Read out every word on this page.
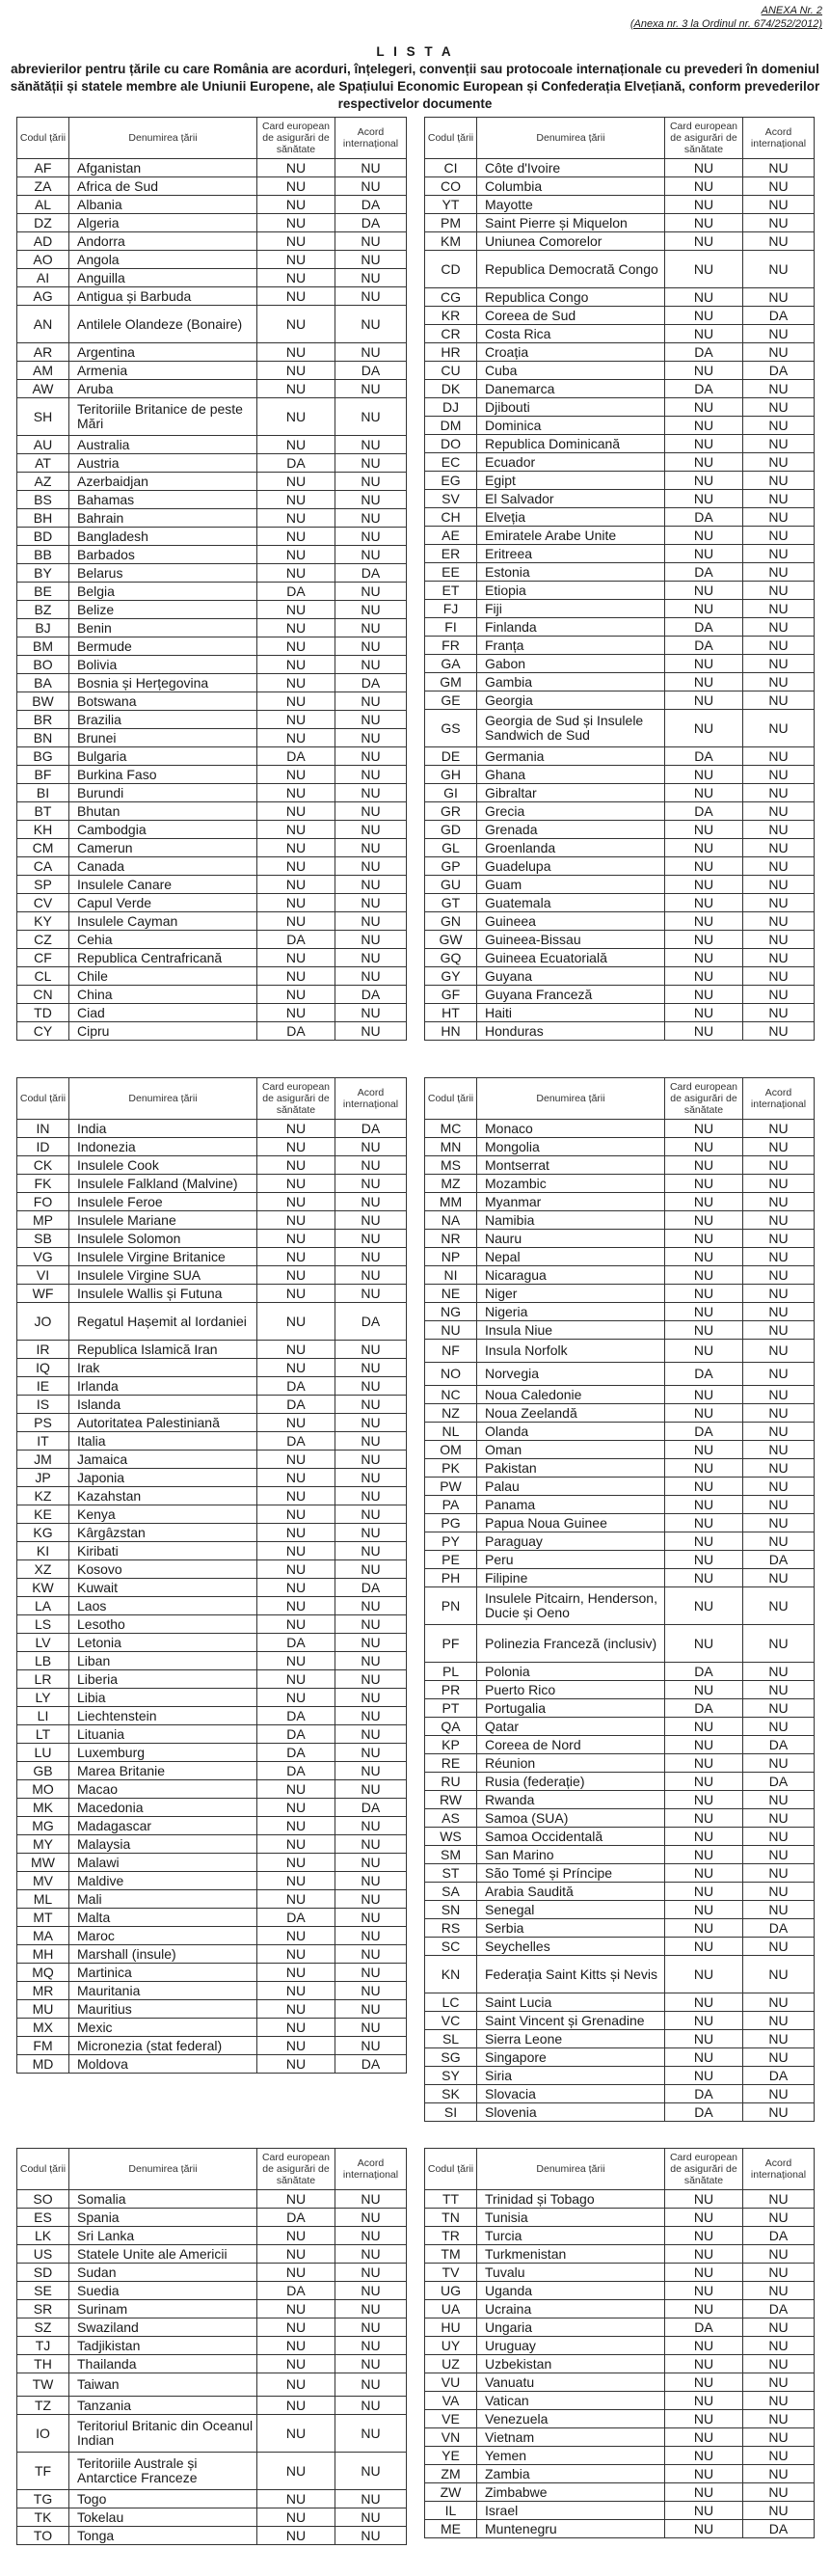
ANEXA Nr. 2
(Anexa nr. 3 la Ordinul nr. 674/252/2012)
L I S T A
abrevierilor pentru țările cu care România are acorduri, înțelegeri, convenții sau protocoale internaționale cu prevederi în domeniul sănătății și statele membre ale Uniunii Europene, ale Spațiului Economic European și Confederația Elvețiană, conform prevederilor respectivelor documente
Codul țării	Denumirea țării	Card european de asigurări de sănătate	Acord internațional
AF	Afganistan	NU	NU
ZA	Africa de Sud	NU	NU
AL	Albania	NU	DA
DZ	Algeria	NU	DA
AD	Andorra	NU	NU
AO	Angola	NU	NU
AI	Anguilla	NU	NU
AG	Antigua și Barbuda	NU	NU
AN	Antilele Olandeze (Bonaire)	NU	NU
AR	Argentina	NU	NU
AM	Armenia	NU	DA
AW	Aruba	NU	NU
SH	Teritoriile Britanice de peste Mări	NU	NU
AU	Australia	NU	NU
AT	Austria	DA	NU
AZ	Azerbaidjan	NU	NU
BS	Bahamas	NU	NU
BH	Bahrain	NU	NU
BD	Bangladesh	NU	NU
BB	Barbados	NU	NU
BY	Belarus	NU	DA
BE	Belgia	DA	NU
BZ	Belize	NU	NU
BJ	Benin	NU	NU
BM	Bermude	NU	NU
BO	Bolivia	NU	NU
BA	Bosnia și Herțegovina	NU	DA
BW	Botswana	NU	NU
BR	Brazilia	NU	NU
BN	Brunei	NU	NU
BG	Bulgaria	DA	NU
BF	Burkina Faso	NU	NU
BI	Burundi	NU	NU
BT	Bhutan	NU	NU
KH	Cambodgia	NU	NU
CM	Camerun	NU	NU
CA	Canada	NU	NU
SP	Insulele Canare	NU	NU
CV	Capul Verde	NU	NU
KY	Insulele Cayman	NU	NU
CZ	Cehia	DA	NU
CF	Republica Centrafricană	NU	NU
CL	Chile	NU	NU
CN	China	NU	DA
TD	Ciad	NU	NU
CY	Cipru	DA	NU
Codul țării	Denumirea țării	Card european de asigurări de sănătate	Acord internațional
CI	Côte d'Ivoire	NU	NU
CO	Columbia	NU	NU
YT	Mayotte	NU	NU
PM	Saint Pierre și Miquelon	NU	NU
KM	Uniunea Comorelor	NU	NU
CD	Republica Democrată Congo	NU	NU
CG	Republica Congo	NU	NU
KR	Coreea de Sud	NU	DA
CR	Costa Rica	NU	NU
HR	Croația	DA	NU
CU	Cuba	NU	DA
DK	Danemarca	DA	NU
DJ	Djibouti	NU	NU
DM	Dominica	NU	NU
DO	Republica Dominicană	NU	NU
EC	Ecuador	NU	NU
EG	Egipt	NU	NU
SV	El Salvador	NU	NU
CH	Elveția	DA	NU
AE	Emiratele Arabe Unite	NU	NU
ER	Eritreea	NU	NU
EE	Estonia	DA	NU
ET	Etiopia	NU	NU
FJ	Fiji	NU	NU
FI	Finlanda	DA	NU
FR	Franța	DA	NU
GA	Gabon	NU	NU
GM	Gambia	NU	NU
GE	Georgia	NU	NU
GS	Georgia de Sud și Insulele Sandwich de Sud	NU	NU
DE	Germania	DA	NU
GH	Ghana	NU	NU
GI	Gibraltar	NU	NU
GR	Grecia	DA	NU
GD	Grenada	NU	NU
GL	Groenlanda	NU	NU
GP	Guadelupa	NU	NU
GU	Guam	NU	NU
GT	Guatemala	NU	NU
GN	Guineea	NU	NU
GW	Guineea-Bissau	NU	NU
GQ	Guineea Ecuatorială	NU	NU
GY	Guyana	NU	NU
GF	Guyana Franceză	NU	NU
HT	Haiti	NU	NU
HN	Honduras	NU	NU
Codul țării	Denumirea țării	Card european de asigurări de sănătate	Acord internațional
IN	India	NU	DA
ID	Indonezia	NU	NU
CK	Insulele Cook	NU	NU
FK	Insulele Falkland (Malvine)	NU	NU
FO	Insulele Feroe	NU	NU
MP	Insulele Mariane	NU	NU
SB	Insulele Solomon	NU	NU
VG	Insulele Virgine Britanice	NU	NU
VI	Insulele Virgine SUA	NU	NU
WF	Insulele Wallis și Futuna	NU	NU
JO	Regatul Hașemit al Iordaniei	NU	DA
IR	Republica Islamică Iran	NU	NU
IQ	Irak	NU	NU
IE	Irlanda	DA	NU
IS	Islanda	DA	NU
PS	Autoritatea Palestiniană	NU	NU
IT	Italia	DA	NU
JM	Jamaica	NU	NU
JP	Japonia	NU	NU
KZ	Kazahstan	NU	NU
KE	Kenya	NU	NU
KG	Kârgâzstan	NU	NU
KI	Kiribati	NU	NU
XZ	Kosovo	NU	NU
KW	Kuwait	NU	DA
LA	Laos	NU	NU
LS	Lesotho	NU	NU
LV	Letonia	DA	NU
LB	Liban	NU	NU
LR	Liberia	NU	NU
LY	Libia	NU	NU
LI	Liechtenstein	DA	NU
LT	Lituania	DA	NU
LU	Luxemburg	DA	NU
GB	Marea Britanie	DA	NU
MO	Macao	NU	NU
MK	Macedonia	NU	DA
MG	Madagascar	NU	NU
MY	Malaysia	NU	NU
MW	Malawi	NU	NU
MV	Maldive	NU	NU
ML	Mali	NU	NU
MT	Malta	DA	NU
MA	Maroc	NU	NU
MH	Marshall (insule)	NU	NU
MQ	Martinica	NU	NU
MR	Mauritania	NU	NU
MU	Mauritius	NU	NU
MX	Mexic	NU	NU
FM	Micronezia (stat federal)	NU	NU
MD	Moldova	NU	DA
Codul țării	Denumirea țării	Card european de asigurări de sănătate	Acord internațional
MC	Monaco	NU	NU
MN	Mongolia	NU	NU
MS	Montserrat	NU	NU
MZ	Mozambic	NU	NU
MM	Myanmar	NU	NU
NA	Namibia	NU	NU
NR	Nauru	NU	NU
NP	Nepal	NU	NU
NI	Nicaragua	NU	NU
NE	Niger	NU	NU
NG	Nigeria	NU	NU
NU	Insula Niue	NU	NU
NF	Insula Norfolk	NU	NU
NO	Norvegia	DA	NU
NC	Noua Caledonie	NU	NU
NZ	Noua Zeelandă	NU	NU
NL	Olanda	DA	NU
OM	Oman	NU	NU
PK	Pakistan	NU	NU
PW	Palau	NU	NU
PA	Panama	NU	NU
PG	Papua Noua Guinee	NU	NU
PY	Paraguay	NU	NU
PE	Peru	NU	DA
PH	Filipine	NU	NU
PN	Insulele Pitcairn, Henderson, Ducie și Oeno	NU	NU
PF	Polinezia Franceză (inclusiv)	NU	NU
PL	Polonia	DA	NU
PR	Puerto Rico	NU	NU
PT	Portugalia	DA	NU
QA	Qatar	NU	NU
KP	Coreea de Nord	NU	DA
RE	Réunion	NU	NU
RU	Rusia (federație)	NU	DA
RW	Rwanda	NU	NU
AS	Samoa (SUA)	NU	NU
WS	Samoa Occidentală	NU	NU
SM	San Marino	NU	NU
ST	São Tomé și Príncipe	NU	NU
SA	Arabia Saudită	NU	NU
SN	Senegal	NU	NU
RS	Serbia	NU	DA
SC	Seychelles	NU	NU
KN	Federația Saint Kitts și Nevis	NU	NU
LC	Saint Lucia	NU	NU
VC	Saint Vincent și Grenadine	NU	NU
SL	Sierra Leone	NU	NU
SG	Singapore	NU	NU
SY	Siria	NU	DA
SK	Slovacia	DA	NU
SI	Slovenia	DA	NU
Codul țării	Denumirea țării	Card european de asigurări de sănătate	Acord internațional
SO	Somalia	NU	NU
ES	Spania	DA	NU
LK	Sri Lanka	NU	NU
US	Statele Unite ale Americii	NU	NU
SD	Sudan	NU	NU
SE	Suedia	DA	NU
SR	Surinam	NU	NU
SZ	Swaziland	NU	NU
TJ	Tadjikistan	NU	NU
TH	Thailanda	NU	NU
TW	Taiwan	NU	NU
TZ	Tanzania	NU	NU
IO	Teritoriul Britanic din Oceanul Indian	NU	NU
TF	Teritoriile Australe și Antarctice Franceze	NU	NU
TG	Togo	NU	NU
TK	Tokelau	NU	NU
TO	Tonga	NU	NU
Codul țării	Denumirea țării	Card european de asigurări de sănătate	Acord internațional
TT	Trinidad și Tobago	NU	NU
TN	Tunisia	NU	NU
TR	Turcia	NU	DA
TM	Turkmenistan	NU	NU
TV	Tuvalu	NU	NU
UG	Uganda	NU	NU
UA	Ucraina	NU	DA
HU	Ungaria	DA	NU
UY	Uruguay	NU	NU
UZ	Uzbekistan	NU	NU
VU	Vanuatu	NU	NU
VA	Vatican	NU	NU
VE	Venezuela	NU	NU
VN	Vietnam	NU	NU
YE	Yemen	NU	NU
ZM	Zambia	NU	NU
ZW	Zimbabwe	NU	NU
IL	Israel	NU	NU
ME	Muntenegru	NU	DA
